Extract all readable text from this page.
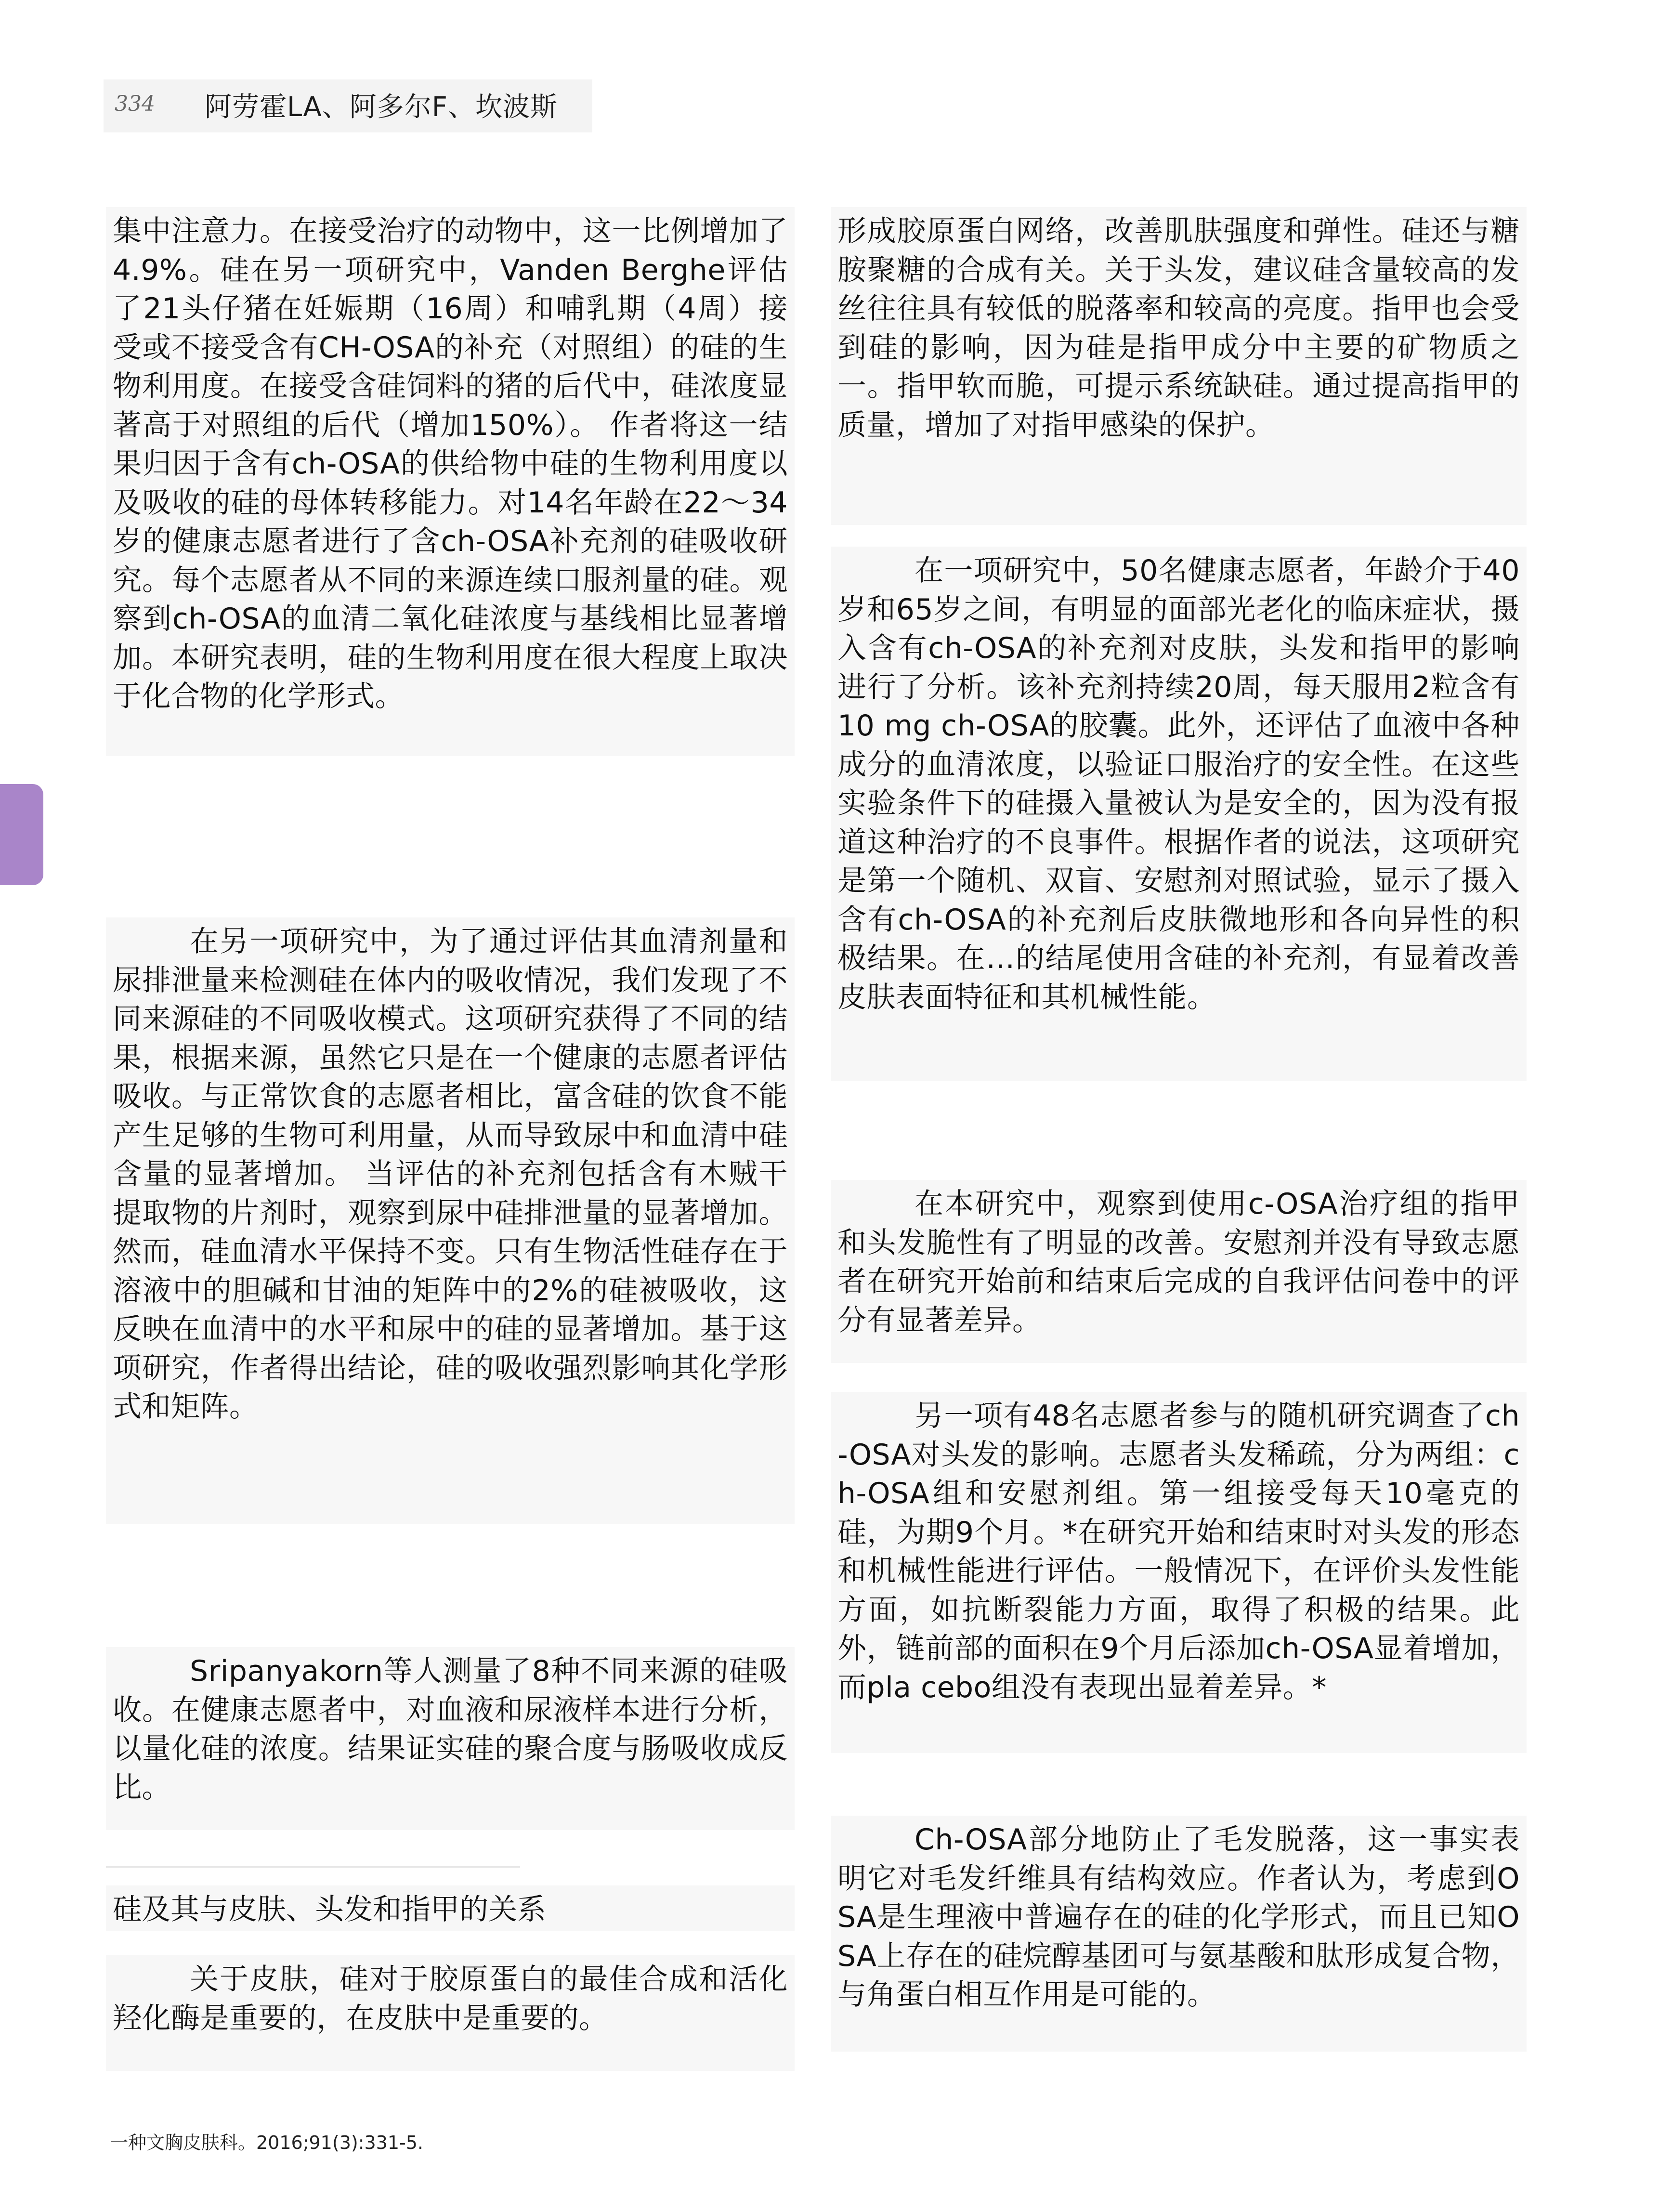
334 阿劳霍LA、阿多尔F、坎波斯

集中注意力。在接受治疗的动物中，这一比例增加了4.9%。硅在另一项研究中，Vanden Berghe评估了21头仔猪在妊娠期（16周）和哺乳期（4周）接受或不接受含有CH-OSA的补充（对照组）的硅的生物利用度。在接受含硅饲料的猪的后代中，硅浓度显著高于对照组的后代（增加150%）。 作者将这一结果归因于含有ch-OSA的供给物中硅的生物利用度以及吸收的硅的母体转移能力。对14名年龄在22～34岁的健康志愿者进行了含ch-OSA补充剂的硅吸收研究。每个志愿者从不同的来源连续口服剂量的硅。观察到ch-OSA的血清二氧化硅浓度与基线相比显著增加。本研究表明，硅的生物利用度在很大程度上取决于化合物的化学形式。

在另一项研究中，为了通过评估其血清剂量和尿排泄量来检测硅在体内的吸收情况，我们发现了不同来源硅的不同吸收模式。这项研究获得了不同的结果，根据来源，虽然它只是在一个健康的志愿者评估吸收。与正常饮食的志愿者相比，富含硅的饮食不能产生足够的生物可利用量，从而导致尿中和血清中硅含量的显著增加。 当评估的补充剂包括含有木贼干提取物的片剂时，观察到尿中硅排泄量的显著增加。然而，硅血清水平保持不变。只有生物活性硅存在于溶液中的胆碱和甘油的矩阵中的2%的硅被吸收，这反映在血清中的水平和尿中的硅的显著增加。基于这项研究，作者得出结论，硅的吸收强烈影响其化学形式和矩阵。

Sripanyakorn等人测量了8种不同来源的硅吸收。在健康志愿者中，对血液和尿液样本进行分析，以量化硅的浓度。结果证实硅的聚合度与肠吸收成反比。

硅及其与皮肤、头发和指甲的关系

关于皮肤，硅对于胶原蛋白的最佳合成和活化羟化酶是重要的，在皮肤中是重要的。

形成胶原蛋白网络，改善肌肤强度和弹性。硅还与糖胺聚糖的合成有关。关于头发，建议硅含量较高的发丝往往具有较低的脱落率和较高的亮度。指甲也会受到硅的影响，因为硅是指甲成分中主要的矿物质之一。指甲软而脆，可提示系统缺硅。通过提高指甲的质量，增加了对指甲感染的保护。

在一项研究中，50名健康志愿者，年龄介于40岁和65岁之间，有明显的面部光老化的临床症状，摄入含有ch-OSA的补充剂对皮肤，头发和指甲的影响进行了分析。该补充剂持续20周，每天服用2粒含有10 mg ch-OSA的胶囊。此外，还评估了血液中各种成分的血清浓度，以验证口服治疗的安全性。在这些实验条件下的硅摄入量被认为是安全的，因为没有报道这种治疗的不良事件。根据作者的说法，这项研究是第一个随机、双盲、安慰剂对照试验，显示了摄入含有ch-OSA的补充剂后皮肤微地形和各向异性的积极结果。在…的结尾使用含硅的补充剂，有显着改善皮肤表面特征和其机械性能。

在本研究中，观察到使用c-OSA治疗组的指甲和头发脆性有了明显的改善。安慰剂并没有导致志愿者在研究开始前和结束后完成的自我评估问卷中的评分有显著差异。

另一项有48名志愿者参与的随机研究调查了ch-OSA对头发的影响。志愿者头发稀疏，分为两组：ch-OSA组和安慰剂组。第一组接受每天10毫克的硅，为期9个月。*在研究开始和结束时对头发的形态和机械性能进行评估。一般情况下，在评价头发性能方面，如抗断裂能力方面，取得了积极的结果。此外，链前部的面积在9个月后添加ch-OSA显着增加，而pla cebo组没有表现出显着差异。*

Ch-OSA部分地防止了毛发脱落，这一事实表明它对毛发纤维具有结构效应。作者认为，考虑到OSA是生理液中普遍存在的硅的化学形式，而且已知OSA上存在的硅烷醇基团可与氨基酸和肽形成复合物，与角蛋白相互作用是可能的。

一种文胸皮肤科。2016;91(3):331-5.
